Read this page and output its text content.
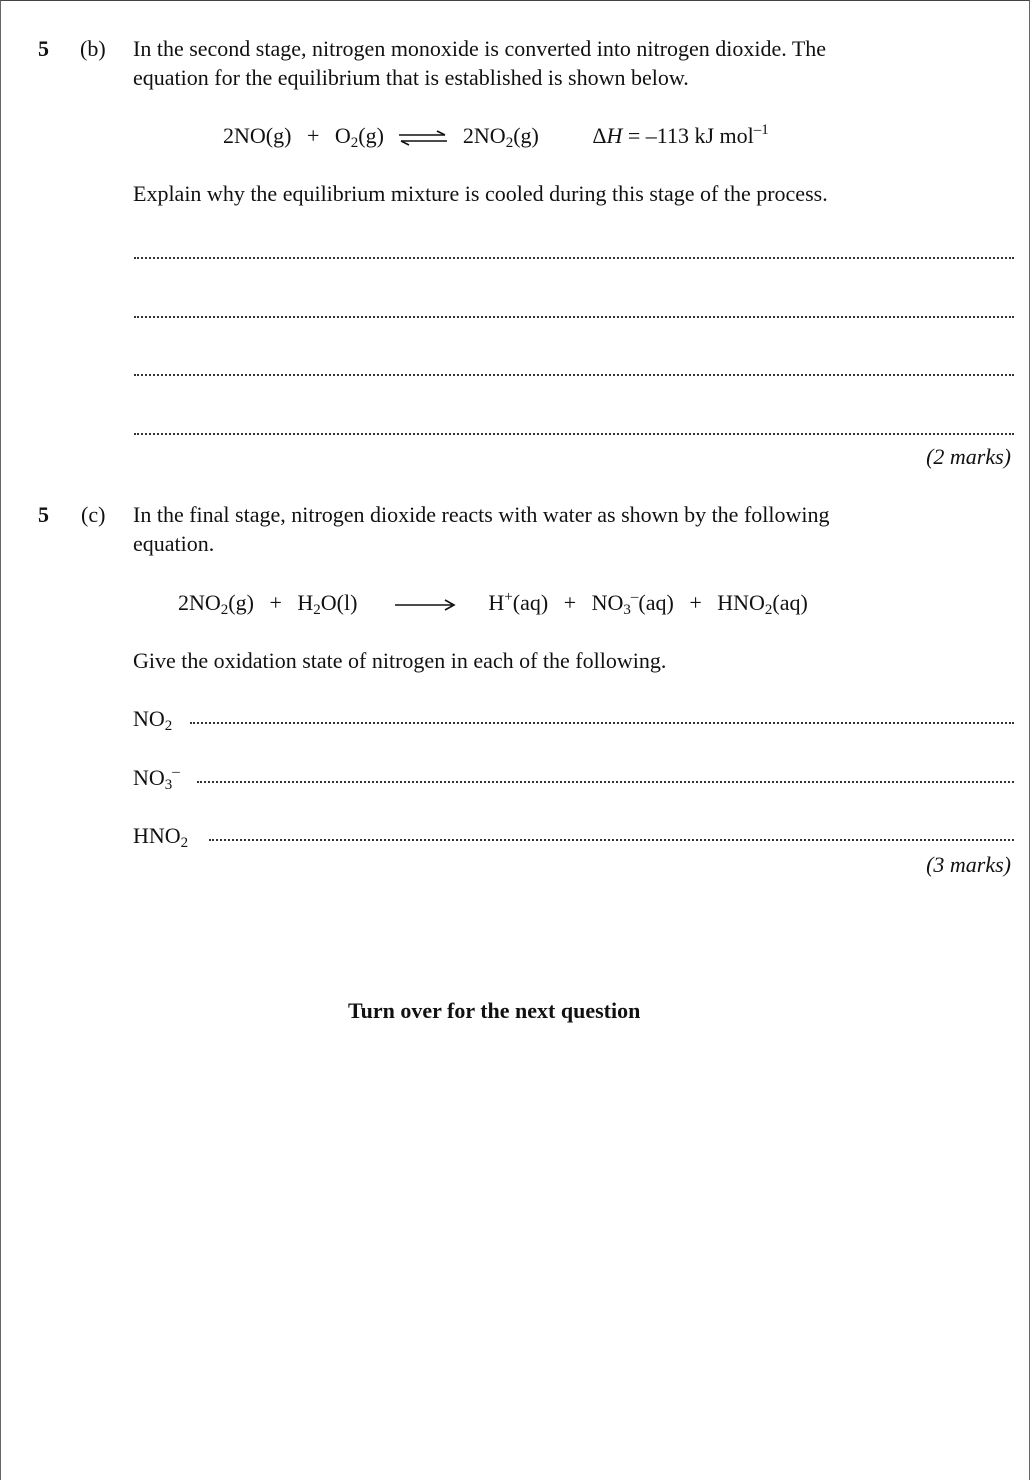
5 (b) In the second stage, nitrogen monoxide is converted into nitrogen dioxide. The
equation for the equilibrium that is established is shown below.
$2NO(g) + O_2(g)$ ⇌ $2NO_2(g) \Delta H = -113$ kJ mol$^{-1}$
Explain why the equilibrium mixture is cooled during this stage of the process.
(2 marks)
5 (c) In the final stage, nitrogen dioxide reacts with water as shown by the following
equation.
$2NO_2(g) + H_2O(l) \to H^+(aq) + NO_3^-(aq) + HNO_2(aq)$
Give the oxidation state of nitrogen in each of the following.
$NO_2$
$NO_3^-$
$HNO_2$
(3 marks)
Turn over for the next question
